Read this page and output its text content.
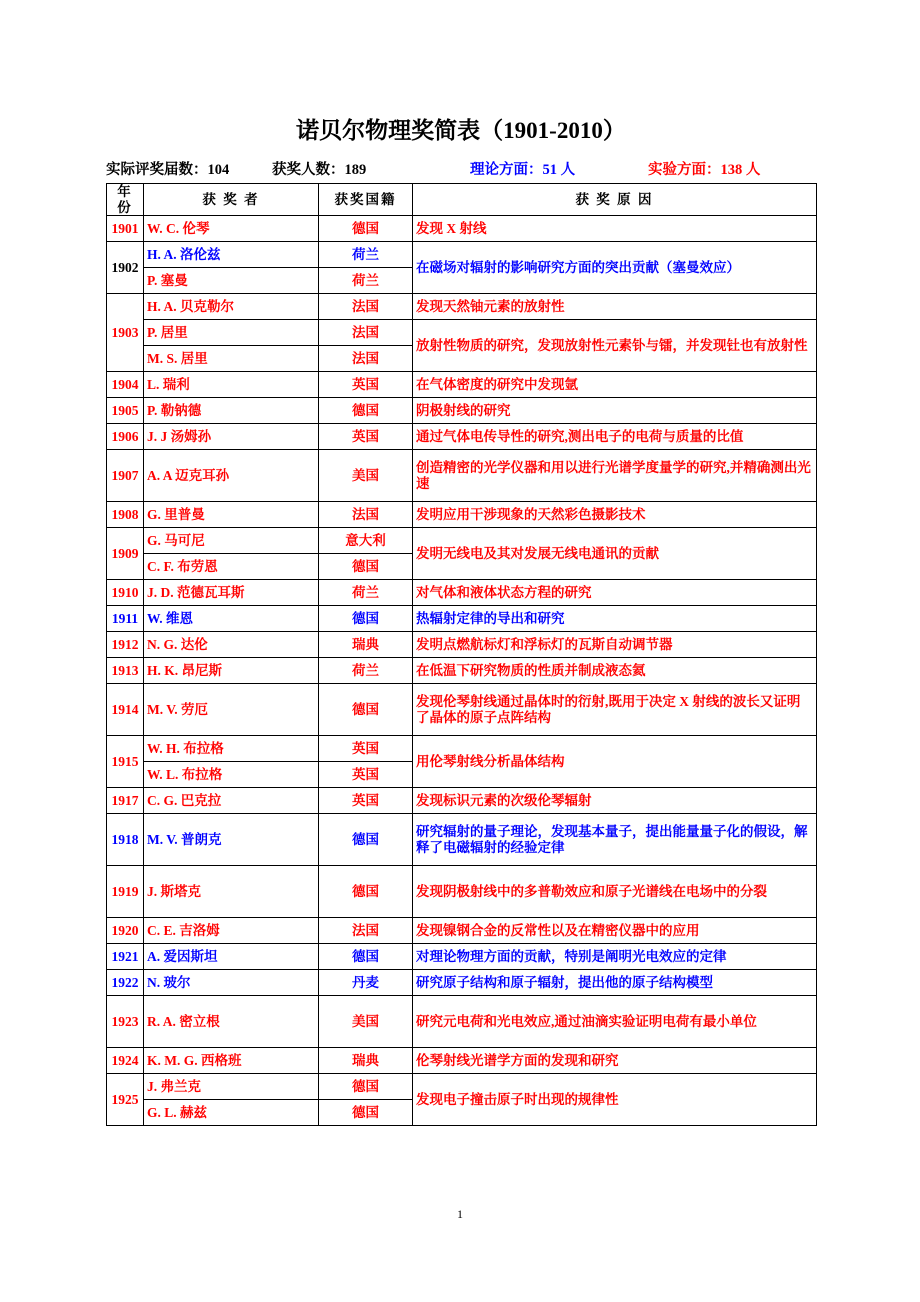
诺贝尔物理奖简表（1901-2010）
实际评奖届数：104	获奖人数：189	理论方面：51 人	实验方面：138 人
年 份	获 奖 者	获奖国籍	获 奖 原 因
1901	W. C. 伦琴	德国	发现 X 射线
1902	H. A. 洛伦兹	荷兰	在磁场对辐射的影响研究方面的突出贡献（塞曼效应）
	P. 塞曼	荷兰	
1903	H. A. 贝克勒尔	法国	发现天然铀元素的放射性
	P. 居里	法国	放射性物质的研究，发现放射性元素钋与镭，并发现钍也有放射性
	M. S. 居里	法国	
1904	L. 瑞利	英国	在气体密度的研究中发现氩
1905	P. 勒钠德	德国	阴极射线的研究
1906	J. J 汤姆孙	英国	通过气体电传导性的研究,测出电子的电荷与质量的比值
1907	A. A 迈克耳孙	美国	创造精密的光学仪器和用以进行光谱学度量学的研究,并精确测出光速
1908	G. 里普曼	法国	发明应用干涉现象的天然彩色摄影技术
1909	G. 马可尼	意大利	发明无线电及其对发展无线电通讯的贡献
	C. F. 布劳恩	德国	
1910	J. D. 范德瓦耳斯	荷兰	对气体和液体状态方程的研究
1911	W. 维恩	德国	热辐射定律的导出和研究
1912	N. G. 达伦	瑞典	发明点燃航标灯和浮标灯的瓦斯自动调节器
1913	H. K. 昂尼斯	荷兰	在低温下研究物质的性质并制成液态氦
1914	M. V. 劳厄	德国	发现伦琴射线通过晶体时的衍射,既用于决定 X 射线的波长又证明了晶体的原子点阵结构
1915	W. H. 布拉格	英国	用伦琴射线分析晶体结构
	W. L. 布拉格	英国	
1917	C. G. 巴克拉	英国	发现标识元素的次级伦琴辐射
1918	M. V. 普朗克	德国	研究辐射的量子理论，发现基本量子，提出能量量子化的假设，解释了电磁辐射的经验定律
1919	J. 斯塔克	德国	发现阴极射线中的多普勒效应和原子光谱线在电场中的分裂
1920	C. E. 吉洛姆	法国	发现镍钢合金的反常性以及在精密仪器中的应用
1921	A. 爱因斯坦	德国	对理论物理方面的贡献，特别是阐明光电效应的定律
1922	N. 玻尔	丹麦	研究原子结构和原子辐射，提出他的原子结构模型
1923	R. A. 密立根	美国	研究元电荷和光电效应,通过油滴实验证明电荷有最小单位
1924	K. M. G. 西格班	瑞典	伦琴射线光谱学方面的发现和研究
1925	J. 弗兰克	德国	发现电子撞击原子时出现的规律性
	G. L. 赫兹	德国	
1
